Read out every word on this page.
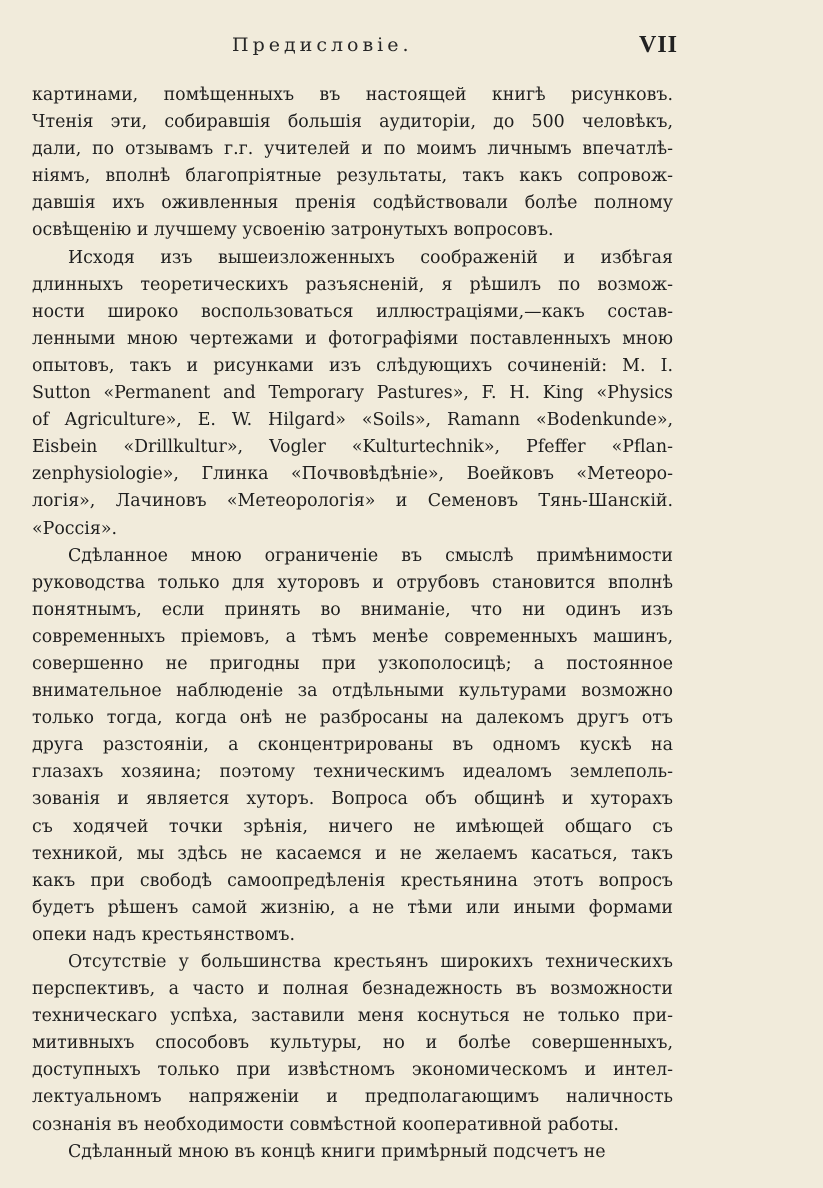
Предисловіе.	VII
картинами, помѣщенныхъ въ настоящей книгѣ рисунковъ.
Чтенія эти, собиравшія большія аудиторіи, до 500 человѣкъ,
дали, по отзывамъ г.г. учителей и по моимъ личнымъ впечатлѣ-
ніямъ, вполнѣ благопріятные результаты, такъ какъ сопровож-
давшія ихъ оживленныя пренія содѣйствовали болѣе полному
освѣщенію и лучшему усвоенію затронутыхъ вопросовъ.
Исходя изъ вышеизложенныхъ соображеній и избѣгая
длинныхъ теоретическихъ разъясненій, я рѣшилъ по возмож-
ности широко воспользоваться иллюстраціями,—какъ состав-
ленными мною чертежами и фотографіями поставленныхъ мною
опытовъ, такъ и рисунками изъ слѣдующихъ сочиненій: M. I.
Sutton «Permanent and Temporary Pastures», F. H. King «Physics
of Agriculture», E. W. Hilgard» «Soils», Ramann «Bodenkunde»,
Eisbein «Drillkultur», Vogler «Kulturtechnik», Pfeffer «Pflan-
zenphysiologie», Глинка «Почвовѣдѣніе», Воейковъ «Метеоро-
логія», Лачиновъ «Метеорологія» и Семеновъ Тянь-Шанскій.
«Россія».
Сдѣланное мною ограниченіе въ смыслѣ примѣнимости
руководства только для хуторовъ и отрубовъ становится вполнѣ
понятнымъ, если принять во вниманіе, что ни одинъ изъ
современныхъ пріемовъ, а тѣмъ менѣе современныхъ машинъ,
совершенно не пригодны при узкополосицѣ; а постоянное
внимательное наблюденіе за отдѣльными культурами возможно
только тогда, когда онѣ не разбросаны на далекомъ другъ отъ
друга разстояніи, а сконцентрированы въ одномъ кускѣ на
глазахъ хозяина; поэтому техническимъ идеаломъ землеполь-
зованія и является хуторъ. Вопроса объ общинѣ и хуторахъ
съ ходячей точки зрѣнія, ничего не имѣющей общаго съ
техникой, мы здѣсь не касаемся и не желаемъ касаться, такъ
какъ при свободѣ самоопредѣленія крестьянина этотъ вопросъ
будетъ рѣшенъ самой жизнію, а не тѣми или иными формами
опеки надъ крестьянствомъ.
Отсутствіе у большинства крестьянъ широкихъ техническихъ
перспективъ, а часто и полная безнадежность въ возможности
техническаго успѣха, заставили меня коснуться не только при-
митивныхъ способовъ культуры, но и болѣе совершенныхъ,
доступныхъ только при извѣстномъ экономическомъ и интел-
лектуальномъ напряженіи и предполагающимъ наличность
сознанія въ необходимости совмѣстной кооперативной работы.
Сдѣланный мною въ концѣ книги примѣрный подсчетъ не
